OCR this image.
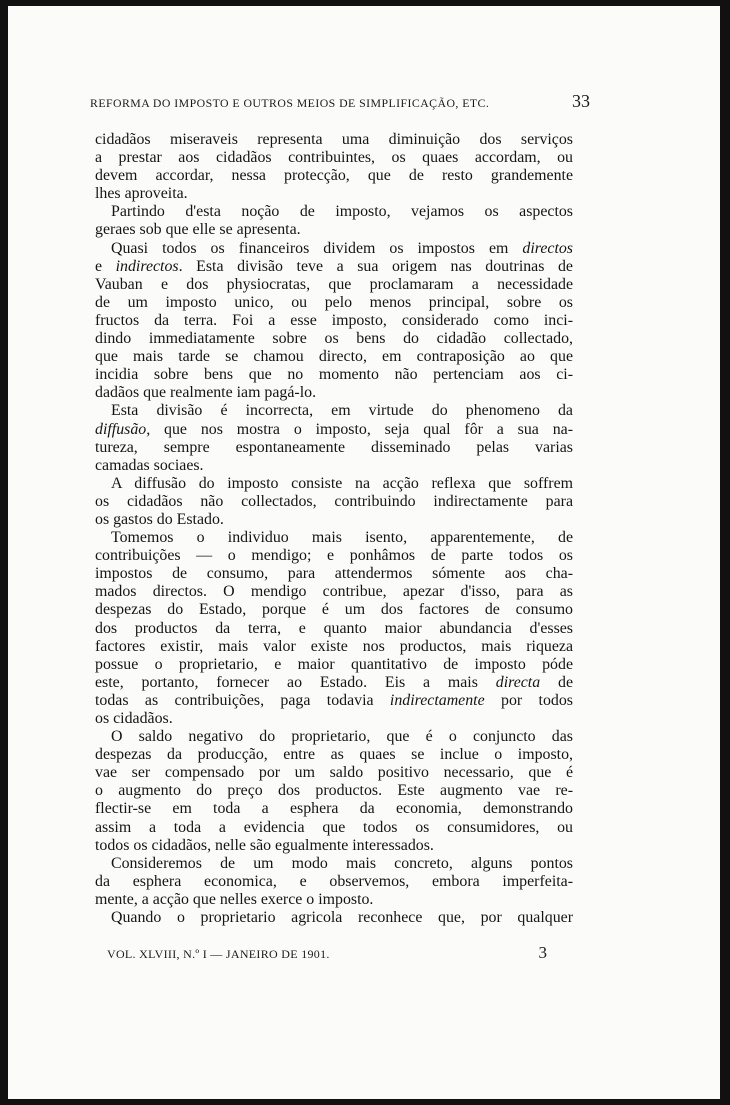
REFORMA DO IMPOSTO E OUTROS MEIOS DE SIMPLIFICAÇÃO, ETC.	33
cidadãos miseraveis representa uma diminuição dos serviços
a prestar aos cidadãos contribuintes, os quaes accordam, ou
devem accordar, nessa protecção, que de resto grandemente
lhes aproveita.
Partindo d'esta noção de imposto, vejamos os aspectos
geraes sob que elle se apresenta.
Quasi todos os financeiros dividem os impostos em directos
e indirectos. Esta divisão teve a sua origem nas doutrinas de
Vauban e dos physiocratas, que proclamaram a necessidade
de um imposto unico, ou pelo menos principal, sobre os
fructos da terra. Foi a esse imposto, considerado como inci-
dindo immediatamente sobre os bens do cidadão collectado,
que mais tarde se chamou directo, em contraposição ao que
incidia sobre bens que no momento não pertenciam aos ci-
dadãos que realmente iam pagá-lo.
Esta divisão é incorrecta, em virtude do phenomeno da
diffusão, que nos mostra o imposto, seja qual fôr a sua na-
tureza, sempre espontaneamente disseminado pelas varias
camadas sociaes.
A diffusão do imposto consiste na acção reflexa que soffrem
os cidadãos não collectados, contribuindo indirectamente para
os gastos do Estado.
Tomemos o individuo mais isento, apparentemente, de
contribuições — o mendigo; e ponhâmos de parte todos os
impostos de consumo, para attendermos sómente aos cha-
mados directos. O mendigo contribue, apezar d'isso, para as
despezas do Estado, porque é um dos factores de consumo
dos productos da terra, e quanto maior abundancia d'esses
factores existir, mais valor existe nos productos, mais riqueza
possue o proprietario, e maior quantitativo de imposto póde
este, portanto, fornecer ao Estado. Eis a mais directa de
todas as contribuições, paga todavia indirectamente por todos
os cidadãos.
O saldo negativo do proprietario, que é o conjuncto das
despezas da producção, entre as quaes se inclue o imposto,
vae ser compensado por um saldo positivo necessario, que é
o augmento do preço dos productos. Este augmento vae re-
flectir-se em toda a esphera da economia, demonstrando
assim a toda a evidencia que todos os consumidores, ou
todos os cidadãos, nelle são egualmente interessados.
Consideremos de um modo mais concreto, alguns pontos
da esphera economica, e observemos, embora imperfeita-
mente, a acção que nelles exerce o imposto.
Quando o proprietario agricola reconhece que, por qualquer
VOL. XLVIII, N.º I — JANEIRO DE 1901.	3
